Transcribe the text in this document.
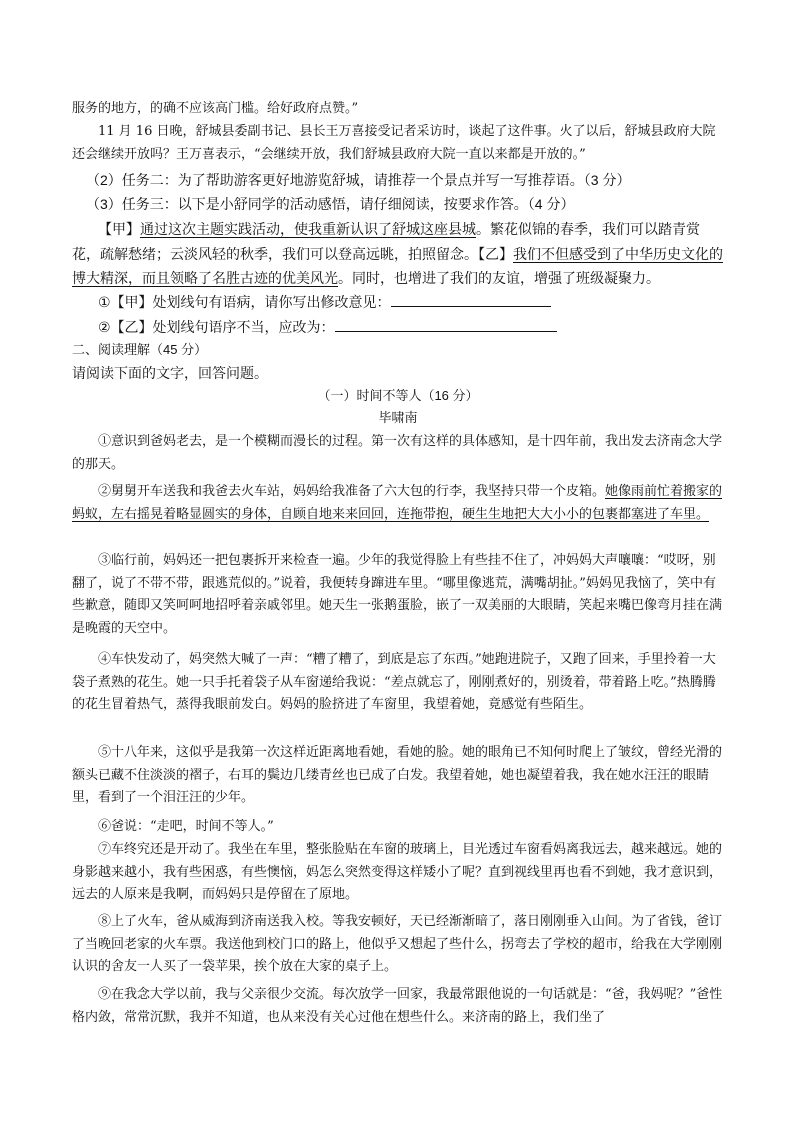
服务的地方，的确不应该高门槛。给好政府点赞。”

11 月 16 日晚，舒城县委副书记、县长王万喜接受记者采访时，谈起了这件事。火了以后，舒城县政府大院还会继续开放吗？王万喜表示，“会继续开放，我们舒城县政府大院一直以来都是开放的。”

 （2）任务二：为了帮助游客更好地游览舒城，请推荐一个景点并写一写推荐语。（3 分）

 （3）任务三：以下是小舒同学的活动感悟，请仔细阅读，按要求作答。（4 分）

【甲】通过这次主题实践活动，使我重新认识了舒城这座县城。繁花似锦的春季，我们可以踏青赏花，疏解愁绪；云淡风轻的秋季，我们可以登高远眺，拍照留念。【乙】我们不但感受到了中华历史文化的博大精深，而且领略了名胜古迹的优美风光。同时，也增进了我们的友谊，增强了班级凝聚力。

①【甲】处划线句有语病，请你写出修改意见：

②【乙】处划线句语序不当，应改为：

二、阅读理解（45 分）

请阅读下面的文字，回答问题。

（一）时间不等人（16 分）

毕啸南

①意识到爸妈老去，是一个模糊而漫长的过程。第一次有这样的具体感知，是十四年前，我出发去济南念大学的那天。

②舅舅开车送我和我爸去火车站，妈妈给我准备了六大包的行李，我坚持只带一个皮箱。她像雨前忙着搬家的蚂蚁，左右摇晃着略显圆实的身体，自顾自地来来回回，连拖带抱，硬生生地把大大小小的包裹都塞进了车里。

③临行前，妈妈还一把包裹拆开来检查一遍。少年的我觉得脸上有些挂不住了，冲妈妈大声嚷嚷：“哎呀，别翻了，说了不带不带，跟逃荒似的。”说着，我便转身蹿进车里。“哪里像逃荒，满嘴胡扯。”妈妈见我恼了，笑中有些歉意，随即又笑呵呵地招呼着亲戚邻里。她天生一张鹅蛋脸，嵌了一双美丽的大眼睛，笑起来嘴巴像弯月挂在满是晚霞的天空中。

④车快发动了，妈突然大喊了一声：“糟了糟了，到底是忘了东西。”她跑进院子，又跑了回来，手里拎着一大袋子煮熟的花生。她一只手托着袋子从车窗递给我说：“差点就忘了，刚刚煮好的，别烫着，带着路上吃。”热腾腾的花生冒着热气，蒸得我眼前发白。妈妈的脸挤进了车窗里，我望着她，竟感觉有些陌生。

⑤十八年来，这似乎是我第一次这样近距离地看她，看她的脸。她的眼角已不知何时爬上了皱纹，曾经光滑的额头已藏不住淡淡的褶子，右耳的鬓边几缕青丝也已成了白发。我望着她，她也凝望着我，我在她水汪汪的眼睛里，看到了一个泪汪汪的少年。

⑥爸说：“走吧，时间不等人。”

⑦车终究还是开动了。我坐在车里，整张脸贴在车窗的玻璃上，目光透过车窗看妈离我远去，越来越远。她的身影越来越小，我有些困惑，有些懊恼，妈怎么突然变得这样矮小了呢？直到视线里再也看不到她，我才意识到，远去的人原来是我啊，而妈妈只是停留在了原地。

⑧上了火车，爸从威海到济南送我入校。等我安顿好，天已经渐渐暗了，落日刚刚垂入山间。为了省钱，爸订了当晚回老家的火车票。我送他到校门口的路上，他似乎又想起了些什么，拐弯去了学校的超市，给我在大学刚刚认识的舍友一人买了一袋苹果，挨个放在大家的桌子上。

⑨在我念大学以前，我与父亲很少交流。每次放学一回家，我最常跟他说的一句话就是：“爸，我妈呢？”爸性格内敛，常常沉默，我并不知道，也从来没有关心过他在想些什么。来济南的路上，我们坐了
